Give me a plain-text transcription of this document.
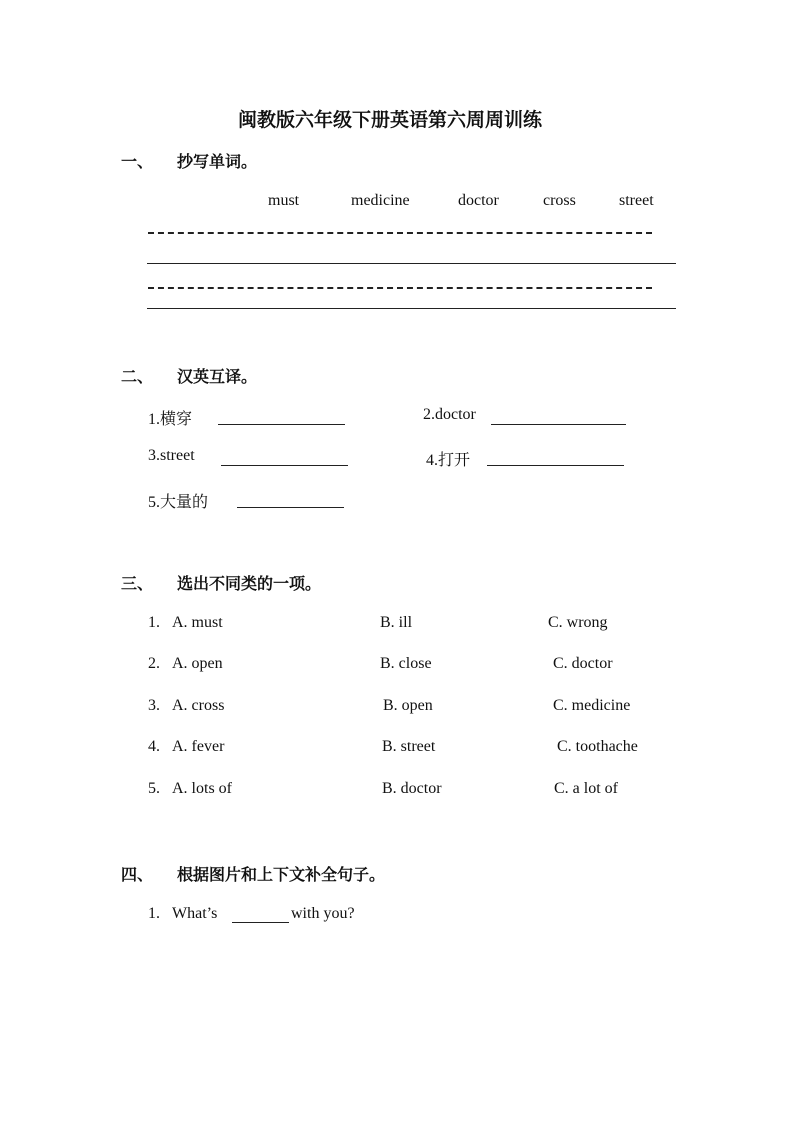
闽教版六年级下册英语第六周周训练
一、 抄写单词。
must	medicine	doctor	cross	street
二、 汉英互译。
1.横穿	2.doctor
3.street	4.打开
5.大量的
三、 选出不同类的一项。
1. A. must	B. ill	C. wrong
2. A. open	B. close	C. doctor
3. A. cross	B. open	C. medicine
4. A. fever	B. street	C. toothache
5. A. lots of	B. doctor	C. a lot of
四、 根据图片和上下文补全句子。
1. What’s	with you?
